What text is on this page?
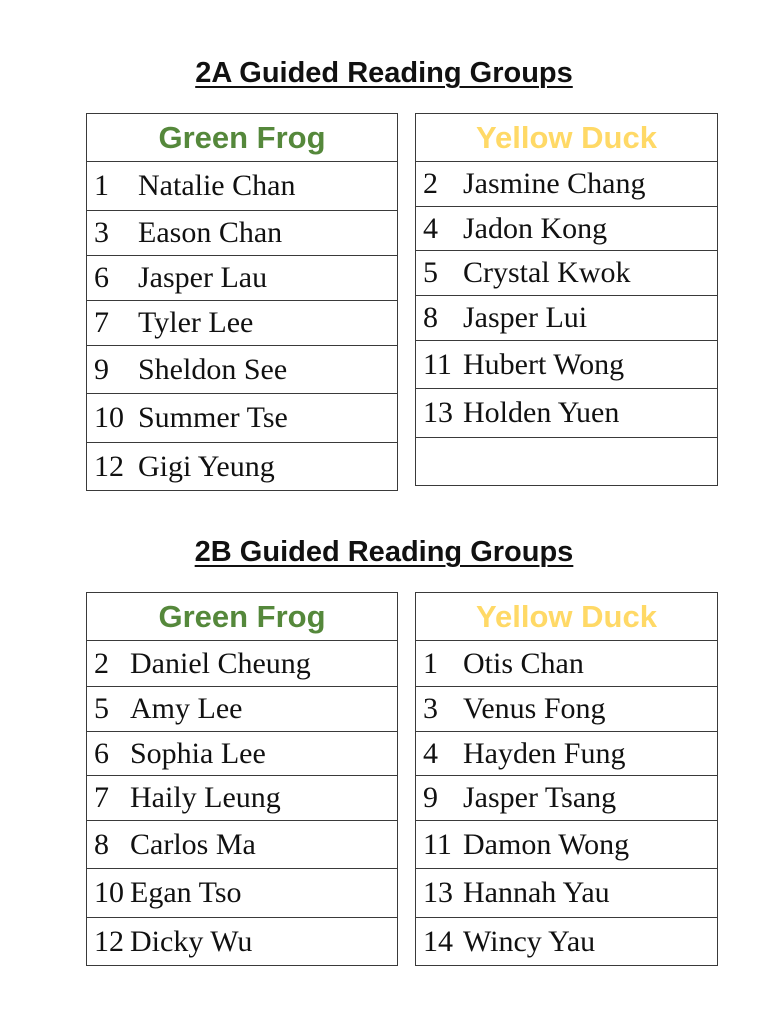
2A Guided Reading Groups
Green Frog
1 Natalie Chan
3 Eason Chan
6 Jasper Lau
7 Tyler Lee
9 Sheldon See
10 Summer Tse
12 Gigi Yeung
Yellow Duck
2 Jasmine Chang
4 Jadon Kong
5 Crystal Kwok
8 Jasper Lui
11 Hubert Wong
13 Holden Yuen

2B Guided Reading Groups
Green Frog
2 Daniel Cheung
5 Amy Lee
6 Sophia Lee
7 Haily Leung
8 Carlos Ma
10 Egan Tso
12 Dicky Wu
Yellow Duck
1 Otis Chan
3 Venus Fong
4 Hayden Fung
9 Jasper Tsang
11 Damon Wong
13 Hannah Yau
14 Wincy Yau
